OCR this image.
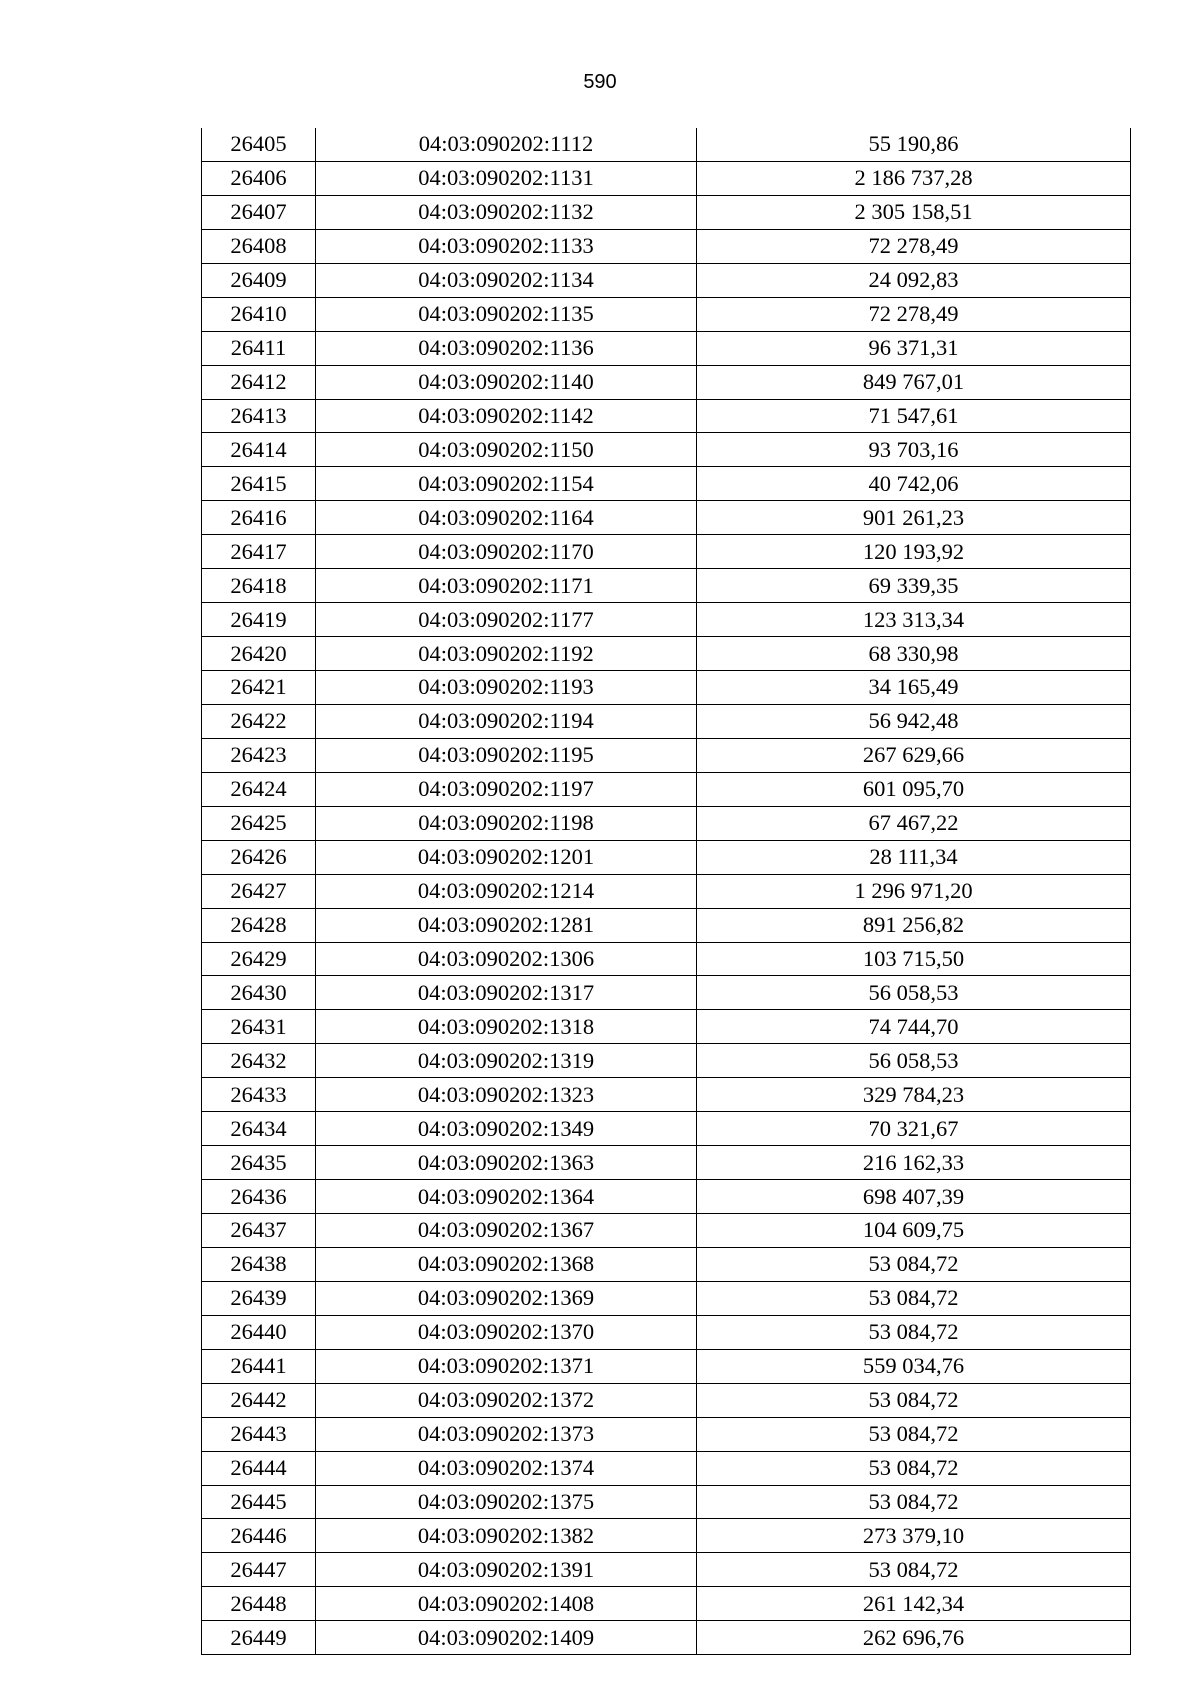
590
26405	04:03:090202:1112	55 190,86
26406	04:03:090202:1131	2 186 737,28
26407	04:03:090202:1132	2 305 158,51
26408	04:03:090202:1133	72 278,49
26409	04:03:090202:1134	24 092,83
26410	04:03:090202:1135	72 278,49
26411	04:03:090202:1136	96 371,31
26412	04:03:090202:1140	849 767,01
26413	04:03:090202:1142	71 547,61
26414	04:03:090202:1150	93 703,16
26415	04:03:090202:1154	40 742,06
26416	04:03:090202:1164	901 261,23
26417	04:03:090202:1170	120 193,92
26418	04:03:090202:1171	69 339,35
26419	04:03:090202:1177	123 313,34
26420	04:03:090202:1192	68 330,98
26421	04:03:090202:1193	34 165,49
26422	04:03:090202:1194	56 942,48
26423	04:03:090202:1195	267 629,66
26424	04:03:090202:1197	601 095,70
26425	04:03:090202:1198	67 467,22
26426	04:03:090202:1201	28 111,34
26427	04:03:090202:1214	1 296 971,20
26428	04:03:090202:1281	891 256,82
26429	04:03:090202:1306	103 715,50
26430	04:03:090202:1317	56 058,53
26431	04:03:090202:1318	74 744,70
26432	04:03:090202:1319	56 058,53
26433	04:03:090202:1323	329 784,23
26434	04:03:090202:1349	70 321,67
26435	04:03:090202:1363	216 162,33
26436	04:03:090202:1364	698 407,39
26437	04:03:090202:1367	104 609,75
26438	04:03:090202:1368	53 084,72
26439	04:03:090202:1369	53 084,72
26440	04:03:090202:1370	53 084,72
26441	04:03:090202:1371	559 034,76
26442	04:03:090202:1372	53 084,72
26443	04:03:090202:1373	53 084,72
26444	04:03:090202:1374	53 084,72
26445	04:03:090202:1375	53 084,72
26446	04:03:090202:1382	273 379,10
26447	04:03:090202:1391	53 084,72
26448	04:03:090202:1408	261 142,34
26449	04:03:090202:1409	262 696,76
